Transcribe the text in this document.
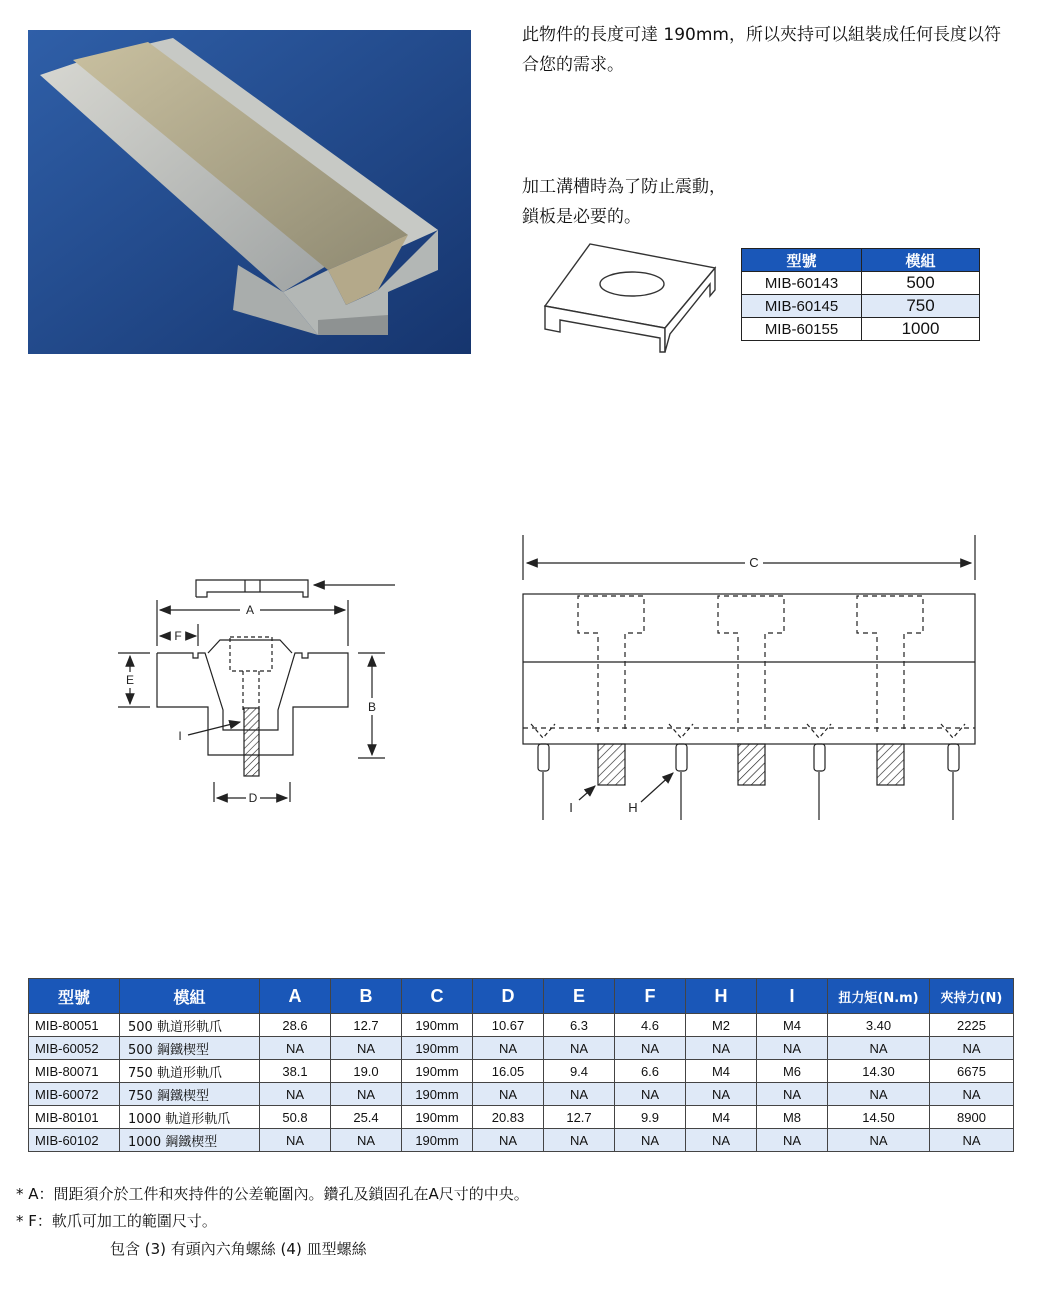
此物件的長度可達 190mm，所以夾持可以組裝成任何長度以符
合您的需求。
加工溝槽時為了防止震動，
鎖板是必要的。
型號	模組
MIB-60143	500
MIB-60145	750
MIB-60155	1000
A
F
E
B
I
D
C
I	H
型號	模組	A	B	C	D	E	F	H	I	扭力矩(N.m)	夾持力(N)
MIB-80051	500 軌道形軌爪	28.6	12.7	190mm	10.67	6.3	4.6	M2	M4	3.40	2225
MIB-60052	500 鋼鐵楔型	NA	NA	190mm	NA	NA	NA	NA	NA	NA	NA
MIB-80071	750 軌道形軌爪	38.1	19.0	190mm	16.05	9.4	6.6	M4	M6	14.30	6675
MIB-60072	750 鋼鐵楔型	NA	NA	190mm	NA	NA	NA	NA	NA	NA	NA
MIB-80101	1000 軌道形軌爪	50.8	25.4	190mm	20.83	12.7	9.9	M4	M8	14.50	8900
MIB-60102	1000 鋼鐵楔型	NA	NA	190mm	NA	NA	NA	NA	NA	NA	NA
* A：間距須介於工件和夾持件的公差範圍內。鑽孔及鎖固孔在A尺寸的中央。
* F：軟爪可加工的範圍尺寸。
包含 (3) 有頭內六角螺絲 (4) 皿型螺絲
